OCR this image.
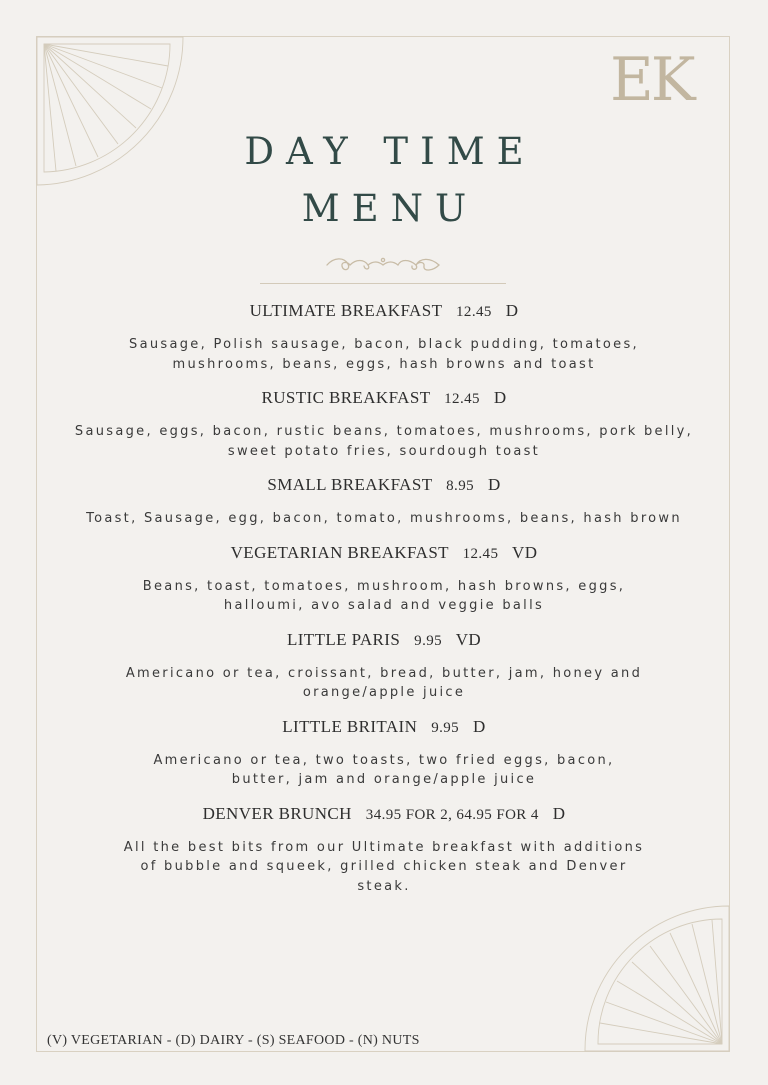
EK
DAY TIME
MENU
ULTIMATE BREAKFAST 12.45 D
Sausage, Polish sausage, bacon, black pudding, tomatoes, mushrooms, beans, eggs, hash browns and toast
RUSTIC BREAKFAST 12.45 D
Sausage, eggs, bacon, rustic beans, tomatoes, mushrooms, pork belly, sweet potato fries, sourdough toast
SMALL BREAKFAST 8.95 D
Toast, Sausage, egg, bacon, tomato, mushrooms, beans, hash brown
VEGETARIAN BREAKFAST 12.45 VD
Beans, toast, tomatoes, mushroom, hash browns, eggs, halloumi, avo salad and veggie balls
LITTLE PARIS 9.95 VD
Americano or tea, croissant, bread, butter, jam, honey and orange/apple juice
LITTLE BRITAIN 9.95 D
Americano or tea, two toasts, two fried eggs, bacon, butter, jam and orange/apple juice
DENVER BRUNCH 34.95 FOR 2, 64.95 FOR 4 D
All the best bits from our Ultimate breakfast with additions of bubble and squeek, grilled chicken steak and Denver steak.
(V) VEGETARIAN - (D) DAIRY - (S) SEAFOOD - (N) NUTS
